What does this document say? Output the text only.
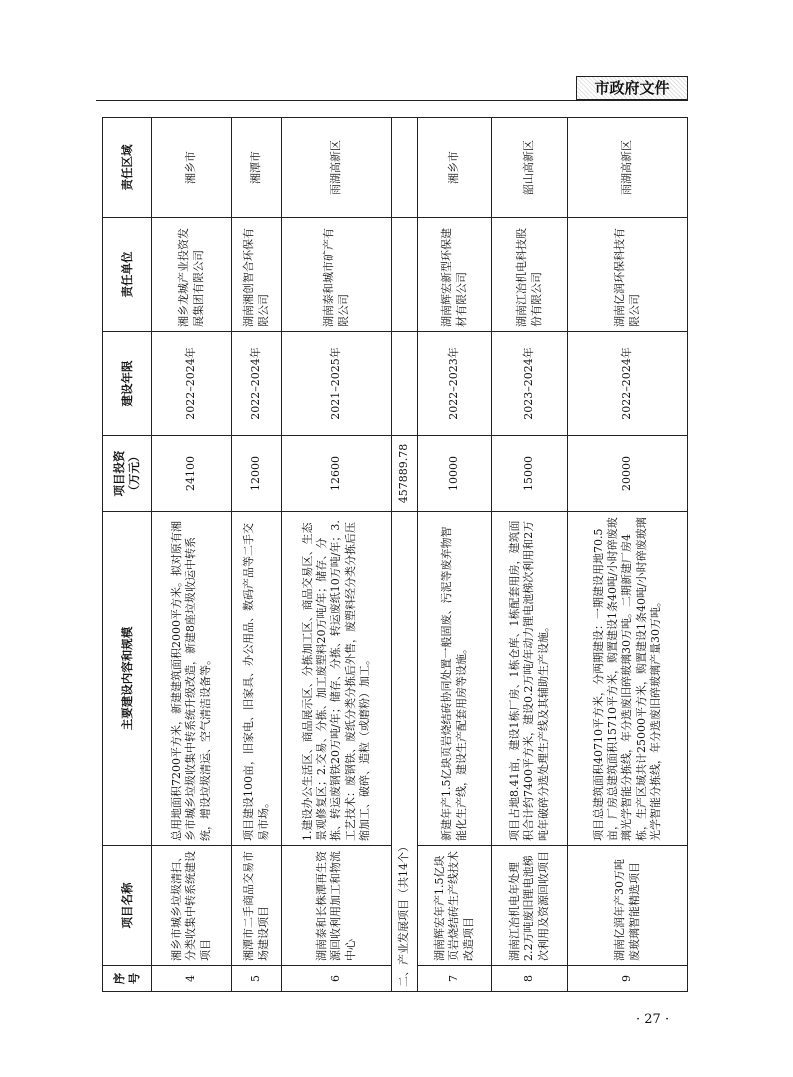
市政府文件
序号	项目名称	主要建设内容和规模	项目投资（万元）	建设年限	责任单位	责任区域
4	湘乡市城乡垃圾清扫、分类收集中转系统建设项目	总用地面积7200平方米，新建建筑面积2000平方米。拟对原有湘乡市城乡垃圾收集中转系统升级改造，新建8座垃圾收运中转系统，增设垃圾清运、空气清洁设备等。	24100	2022–2024年	湘乡龙城产业投资发展集团有限公司	湘乡市
5	湘潭市二手商品交易市场建设项目	项目建设100亩，旧家电、旧家具、办公用品、数码产品等二手交易市场。	12000	2022–2024年	湖南湘创智合环保有限公司	湘潭市
6	湖南泰和长株潭再生资源回收利用加工和物流中心	1.建设办公生活区、商品展示区、分拣加工区、商品交易区、生态景观修复区；2.交易、分拣、加工废塑料20万吨/年；储存、分拣、转运废钢铁20万吨/年；储存、分拣、转运废纸10万吨/年；3.工艺技术：废钢铁、废纸分类分拣后外售，废塑料经分类分拣后压缩加工、破碎、造粒（或磨粉）加工。	12600	2021–2025年	湖南泰和城市矿产有限公司	雨湖高新区
二、产业发展项目（共14个）			457889.78			
7	湖南辉宏年产1.5亿块页岩烧结砖生产线技术改造项目	新建年产1.5亿块页岩烧结砖协同处置一般固废、污泥等废弃物智能化生产线，建设生产配套用房等设施。	10000	2022–2023年	湖南辉宏新型环保建材有限公司	湘乡市
8	湖南江冶机电年处理2.2万吨废旧锂电池梯次利用及资源回收项目	项目占地8.41亩，建设1栋厂房、1栋仓库、1栋配套用房，建筑面积合计约7400平方米，建设0.2万吨/年动力锂电池梯次利用和2万吨年破碎分选处理生产线及其辅助生产设施。	15000	2023–2024年	湖南江冶机电科技股份有限公司	韶山高新区
9	湖南亿润年产30万吨废玻璃智能精选项目	项目总建筑面积40710平方米，分两期建设：一期建设用地70.5亩，厂房总建筑面积15710平方米，购置建设1条40吨/小时碎废玻璃光学智能分拣线，年分选废旧碎玻璃30万吨。二期新建厂房4栋，生产区域共计25000平方米，购置建设1条40吨/小时碎废玻璃光学智能分拣线，年分选废旧碎玻璃产量30万吨。	20000	2022–2024年	湖南亿润环保科技有限公司	雨湖高新区
· 27 ·
